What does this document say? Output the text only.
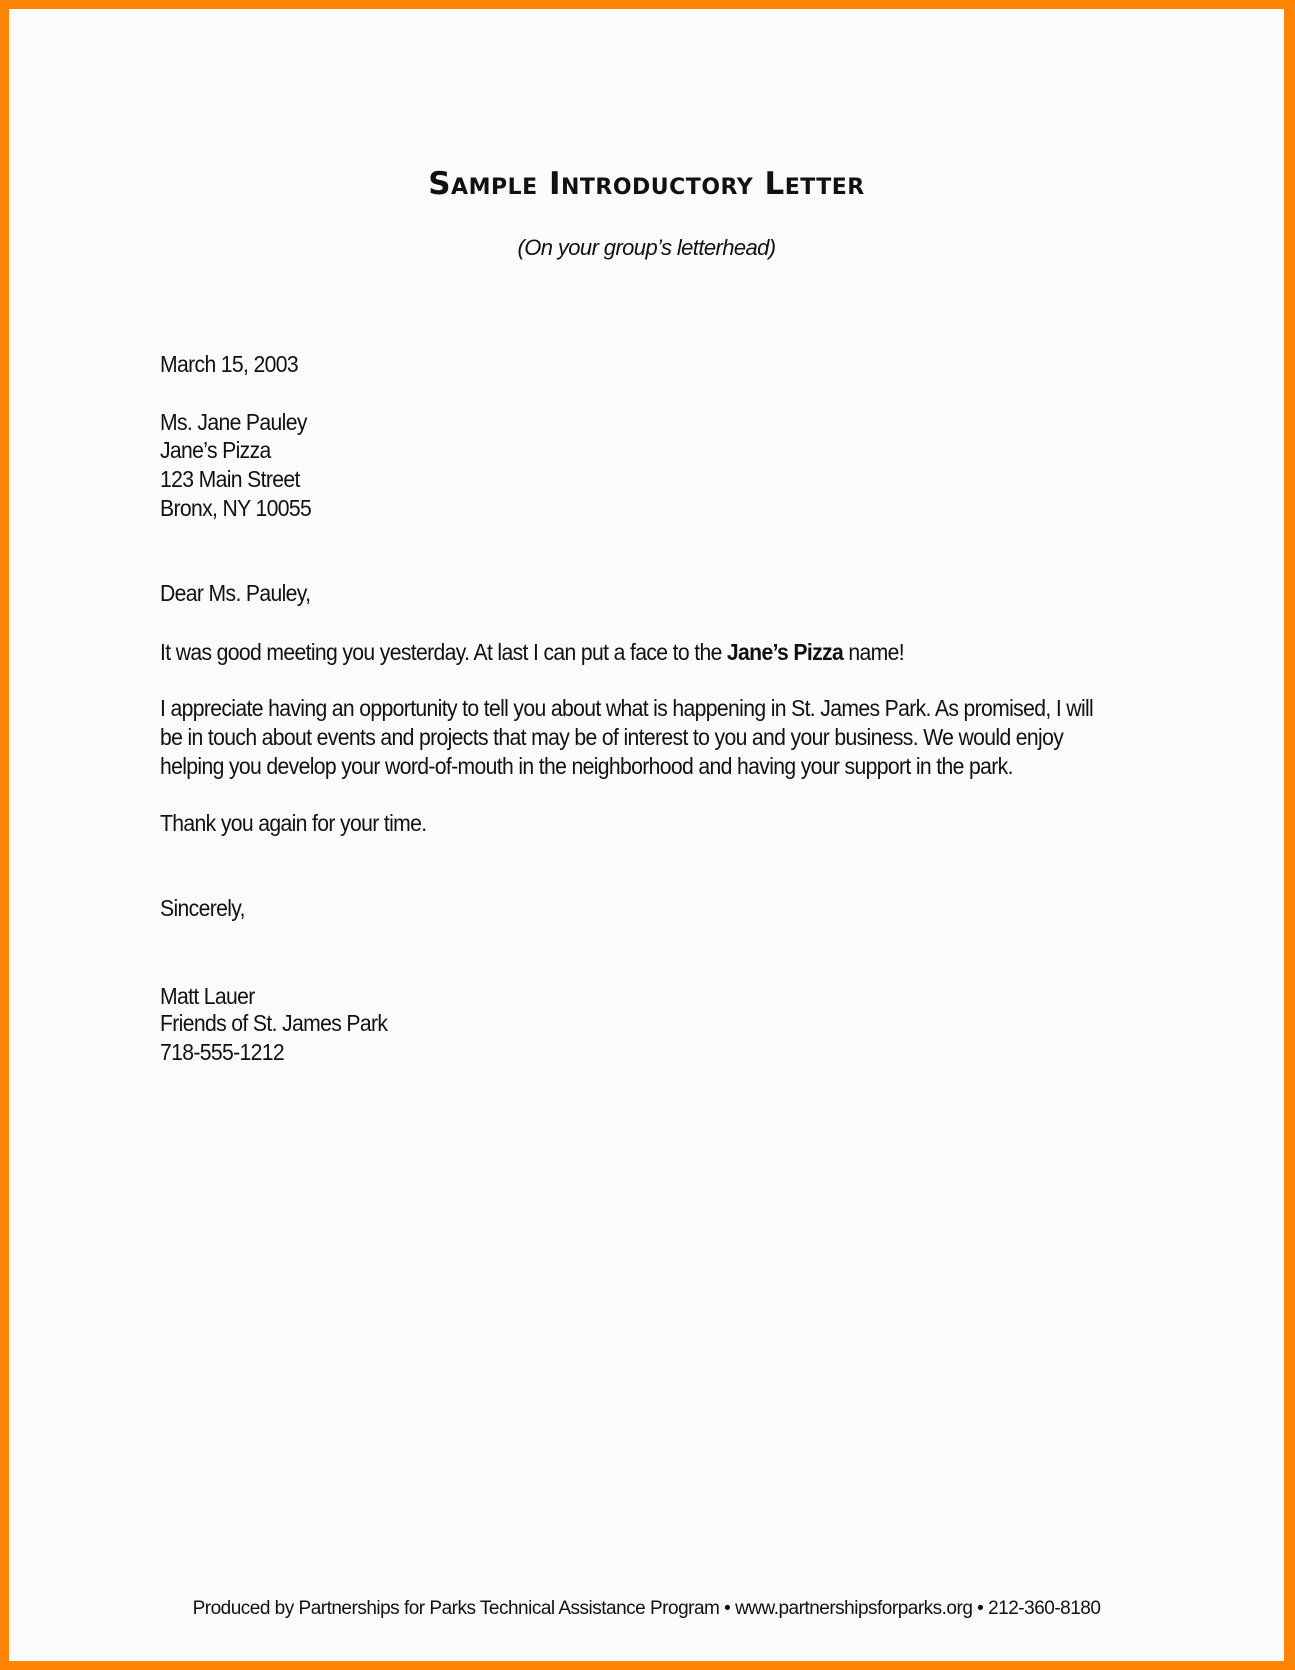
Sample Introductory Letter
(On your group’s letterhead)
March 15, 2003
Ms. Jane Pauley
Jane’s Pizza
123 Main Street
Bronx, NY 10055
Dear Ms. Pauley,
It was good meeting you yesterday. At last I can put a face to the Jane’s Pizza name!
I appreciate having an opportunity to tell you about what is happening in St. James Park. As promised, I will
be in touch about events and projects that may be of interest to you and your business. We would enjoy
helping you develop your word-of-mouth in the neighborhood and having your support in the park.
Thank you again for your time.
Sincerely,
Matt Lauer
Friends of St. James Park
718-555-1212
Produced by Partnerships for Parks Technical Assistance Program • www.partnershipsforparks.org • 212-360-8180
